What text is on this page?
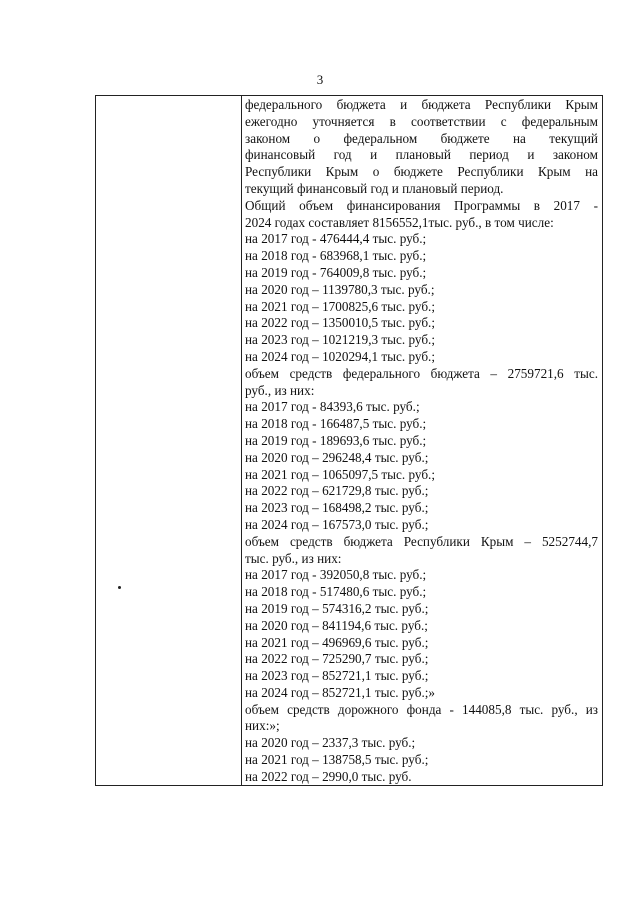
3
федерального бюджета и бюджета Республики Крым
ежегодно уточняется в соответствии с федеральным
законом о федеральном бюджете на текущий
финансовый год и плановый период и законом
Республики Крым о бюджете Республики Крым на
текущий финансовый год и плановый период.
Общий объем финансирования Программы в 2017 -
2024 годах составляет 8156552,1тыс. руб., в том числе:
на 2017 год - 476444,4 тыс. руб.;
на 2018 год - 683968,1 тыс. руб.;
на 2019 год - 764009,8 тыс. руб.;
на 2020 год – 1139780,3 тыс. руб.;
на 2021 год – 1700825,6 тыс. руб.;
на 2022 год – 1350010,5 тыс. руб.;
на 2023 год – 1021219,3 тыс. руб.;
на 2024 год – 1020294,1 тыс. руб.;
объем средств федерального бюджета – 2759721,6 тыс.
руб., из них:
на 2017 год - 84393,6 тыс. руб.;
на 2018 год - 166487,5 тыс. руб.;
на 2019 год - 189693,6 тыс. руб.;
на 2020 год – 296248,4 тыс. руб.;
на 2021 год – 1065097,5 тыс. руб.;
на 2022 год – 621729,8 тыс. руб.;
на 2023 год – 168498,2 тыс. руб.;
на 2024 год – 167573,0 тыс. руб.;
объем средств бюджета Республики Крым – 5252744,7
тыс. руб., из них:
на 2017 год - 392050,8 тыс. руб.;
на 2018 год - 517480,6 тыс. руб.;
на 2019 год – 574316,2 тыс. руб.;
на 2020 год – 841194,6 тыс. руб.;
на 2021 год – 496969,6 тыс. руб.;
на 2022 год – 725290,7 тыс. руб.;
на 2023 год – 852721,1 тыс. руб.;
на 2024 год – 852721,1 тыс. руб.;»
объем средств дорожного фонда - 144085,8 тыс. руб., из
них:»;
на 2020 год – 2337,3 тыс. руб.;
на 2021 год – 138758,5 тыс. руб.;
на 2022 год – 2990,0 тыс. руб.
